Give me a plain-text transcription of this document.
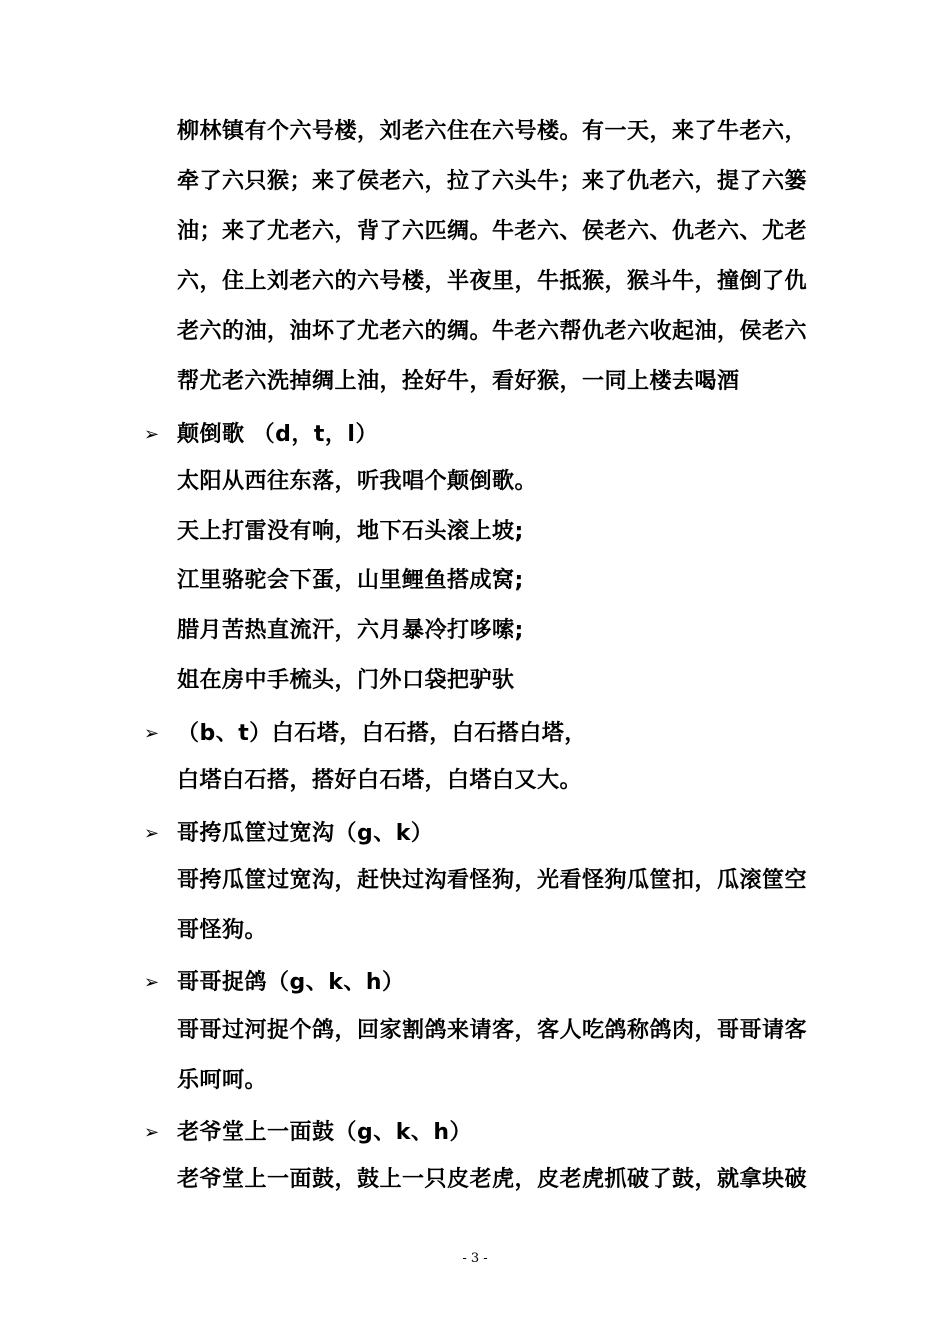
柳林镇有个六号楼，刘老六住在六号楼。有一天，来了牛老六，
牵了六只猴；来了侯老六，拉了六头牛；来了仇老六，提了六篓
油；来了尤老六，背了六匹绸。牛老六、侯老六、仇老六、尤老
六，住上刘老六的六号楼，半夜里，牛抵猴，猴斗牛，撞倒了仇
老六的油，油坏了尤老六的绸。牛老六帮仇老六收起油，侯老六
帮尤老六洗掉绸上油，拴好牛，看好猴，一同上楼去喝酒
➢ 颠倒歌 （d，t，l）
太阳从西往东落，听我唱个颠倒歌。
天上打雷没有响，地下石头滚上坡;
江里骆驼会下蛋，山里鲤鱼搭成窝;
腊月苦热直流汗，六月暴冷打哆嗦;
姐在房中手梳头，门外口袋把驴驮
➢ （b、t）白石塔，白石搭，白石搭白塔，
白塔白石搭，搭好白石塔，白塔白又大。
➢ 哥挎瓜筐过宽沟（g、k）
哥挎瓜筐过宽沟，赶快过沟看怪狗，光看怪狗瓜筐扣，瓜滚筐空
哥怪狗。
➢ 哥哥捉鸽（g、k、h）
哥哥过河捉个鸽，回家割鸽来请客，客人吃鸽称鸽肉，哥哥请客
乐呵呵。
➢ 老爷堂上一面鼓（g、k、h）
老爷堂上一面鼓，鼓上一只皮老虎，皮老虎抓破了鼓，就拿块破
- 3 -
